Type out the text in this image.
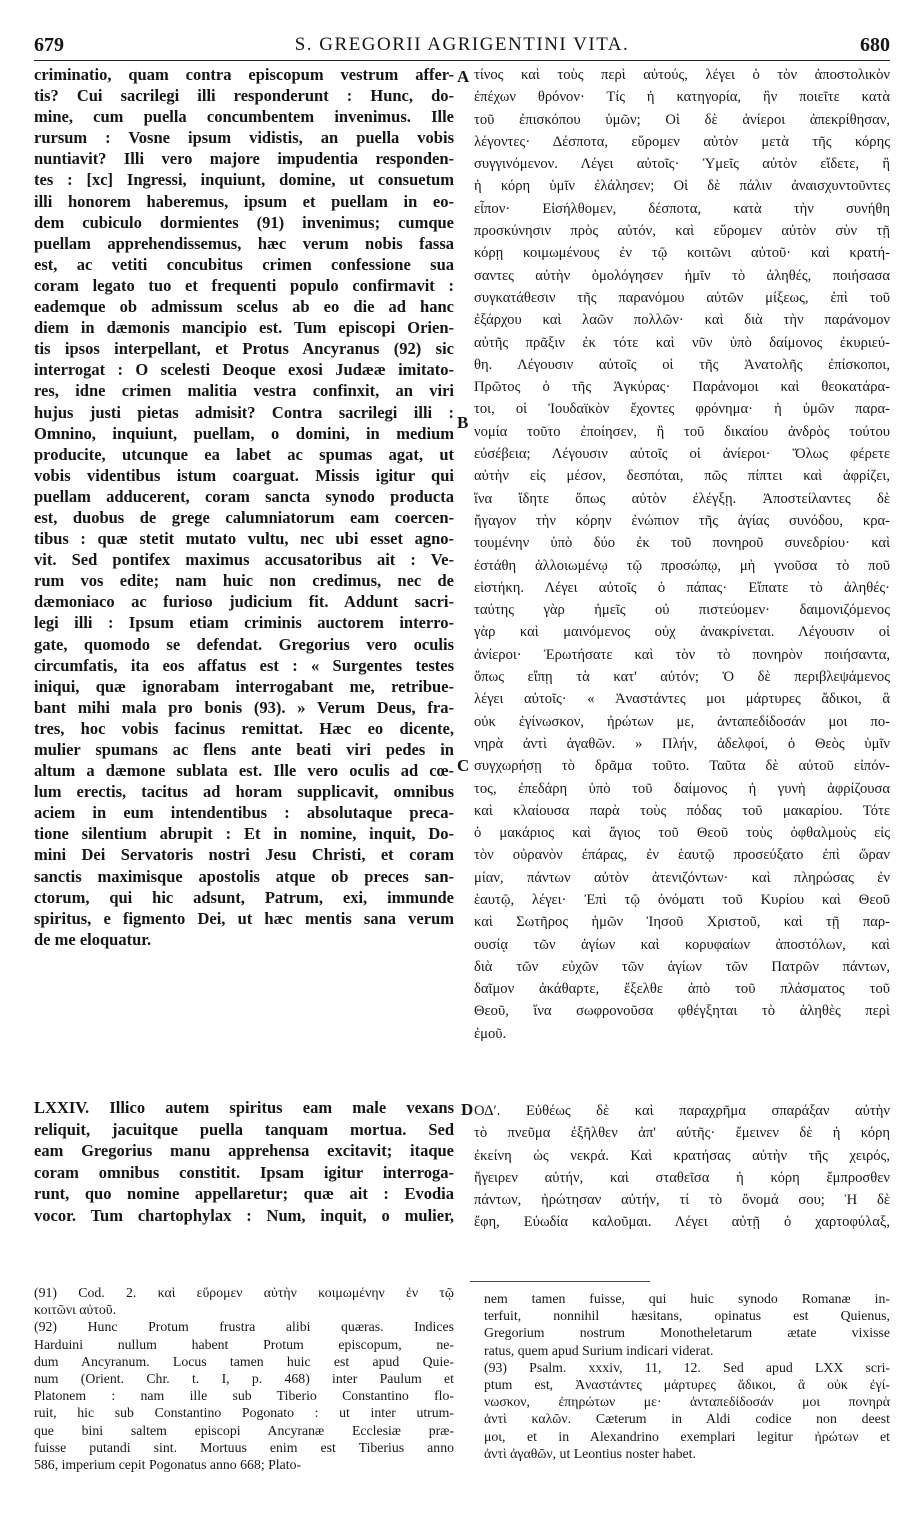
679	S. GREGORII AGRIGENTINI VITA.	680
criminatio, quam contra episcopum vestrum affer-
tis? Cui sacrilegi illi responderunt : Hunc, do-
mine, cum puella concumbentem invenimus. Ille
rursum : Vosne ipsum vidistis, an puella vobis
nuntiavit? Illi vero majore impudentia responden-
tes : [xc] Ingressi, inquiunt, domine, ut consuetum
illi honorem haberemus, ipsum et puellam in eo-
dem cubiculo dormientes (91) invenimus; cumque
puellam apprehendissemus, hæc verum nobis fassa
est, ac vetiti concubitus crimen confessione sua
coram legato tuo et frequenti populo confirmavit :
eademque ob admissum scelus ab eo die ad hanc
diem in dæmonis mancipio est. Tum episcopi Orien-
tis ipsos interpellant, et Protus Ancyranus (92) sic
interrogat : O scelesti Deoque exosi Judææ imitato-
res, idne crimen malitia vestra confinxit, an viri
hujus justi pietas admisit? Contra sacrilegi illi :
Omnino, inquiunt, puellam, o domini, in medium
producite, utcunque ea labet ac spumas agat, ut
vobis videntibus istum coarguat. Missis igitur qui
puellam adducerent, coram sancta synodo producta
est, duobus de grege calumniatorum eam coercen-
tibus : quæ stetit mutato vultu, nec ubi esset agno-
vit. Sed pontifex maximus accusatoribus ait : Ve-
rum vos edite; nam huic non credimus, nec de
dæmoniaco ac furioso judicium fit. Addunt sacri-
legi illi : Ipsum etiam criminis auctorem interro-
gate, quomodo se defendat. Gregorius vero oculis
circumfatis, ita eos affatus est : « Surgentes testes
iniqui, quæ ignorabam interrogabant me, retribue-
bant mihi mala pro bonis (93). » Verum Deus, fra-
tres, hoc vobis facinus remittat. Hæc eo dicente,
mulier spumans ac flens ante beati viri pedes in
altum a dæmone sublata est. Ille vero oculis ad cœ-
lum erectis, tacitus ad horam supplicavit, omnibus
aciem in eum intendentibus : absolutaque preca-
tione silentium abrupit : Et in nomine, inquit, Do-
mini Dei Servatoris nostri Jesu Christi, et coram
sanctis maximisque apostolis atque ob preces san-
ctorum, qui hic adsunt, Patrum, exi, immunde
spiritus, e figmento Dei, ut hæc mentis sana verum
de me eloquatur.
τίνος καὶ τοὺς περὶ αὐτούς, λέγει ὁ τὸν ἀποστολικὸν
ἐπέχων θρόνον· Τίς ἡ κατηγορία, ἣν ποιεῖτε κατὰ
τοῦ ἐπισκόπου ὑμῶν; Οἱ δὲ ἀνίεροι ἀπεκρίθησαν,
λέγοντες· Δέσποτα, εὕρομεν αὐτὸν μετὰ τῆς κόρης
συγγινόμενον. Λέγει αὐτοῖς· Ὑμεῖς αὐτὸν εἴδετε, ἢ
ἡ κόρη ὑμῖν ἐλάλησεν; Οἱ δὲ πάλιν ἀναισχυντοῦντες
εἶπον· Εἰσήλθομεν, δέσποτα, κατὰ τὴν συνήθη
προσκύνησιν πρὸς αὐτόν, καὶ εὕρομεν αὐτὸν σὺν τῇ
κόρῃ κοιμωμένους ἐν τῷ κοιτῶνι αὐτοῦ· καὶ κρατή-
σαντες αὐτὴν ὁμολόγησεν ἡμῖν τὸ ἀληθές, ποιήσασα
συγκατάθεσιν τῆς παρανόμου αὐτῶν μίξεως, ἐπὶ τοῦ
ἐξάρχου καὶ λαῶν πολλῶν· καὶ διὰ τὴν παράνομον
αὐτῆς πρᾶξιν ἐκ τότε καὶ νῦν ὑπὸ δαίμονος ἐκυριεύ-
θη. Λέγουσιν αὐτοῖς οἱ τῆς Ἀνατολῆς ἐπίσκοποι,
Πρῶτος ὁ τῆς Ἀγκύρας· Παράνομοι καὶ θεοκατάρα-
τοι, οἱ Ἰουδαϊκὸν ἔχοντες φρόνημα· ἡ ὑμῶν παρα-
νομία τοῦτο ἐποίησεν, ἢ τοῦ δικαίου ἀνδρὸς τούτου
εὐσέβεια; Λέγουσιν αὐτοῖς οἱ ἀνίεροι· Ὅλως φέρετε
αὐτὴν εἰς μέσον, δεσπόται, πῶς πίπτει καὶ ἀφρίζει,
ἵνα ἴδητε ὅπως αὐτὸν ἐλέγξῃ. Ἀποστείλαντες δὲ
ἤγαγον τὴν κόρην ἐνώπιον τῆς ἁγίας συνόδου, κρα-
τουμένην ὑπὸ δύο ἐκ τοῦ πονηροῦ συνεδρίου· καὶ
ἐστάθη ἀλλοιωμένῳ τῷ προσώπῳ, μὴ γνοῦσα τὸ ποῦ
εἱστήκη. Λέγει αὐτοῖς ὁ πάπας· Εἴπατε τὸ ἀληθές·
ταύτης γὰρ ἡμεῖς οὐ πιστεύομεν· δαιμονιζόμενος
γὰρ καὶ μαινόμενος οὐχ ἀνακρίνεται. Λέγουσιν οἱ
ἀνίεροι· Ἐρωτήσατε καὶ τὸν τὸ πονηρὸν ποιήσαντα,
ὅπως εἴπῃ τὰ κατ' αὐτόν; Ὁ δὲ περιβλεψάμενος
λέγει αὐτοῖς· « Ἀναστάντες μοι μάρτυρες ἄδικοι, ἃ
οὐκ ἐγίνωσκον, ἠρώτων με, ἀνταπεδίδοσάν μοι πο-
νηρὰ ἀντὶ ἀγαθῶν. » Πλήν, ἀδελφοί, ὁ Θεὸς ὑμῖν
συγχωρήσῃ τὸ δρᾶμα τοῦτο. Ταῦτα δὲ αὐτοῦ εἰπόν-
τος, ἐπεδάρη ὑπὸ τοῦ δαίμονος ἡ γυνὴ ἀφρίζουσα
καὶ κλαίουσα παρὰ τοὺς πόδας τοῦ μακαρίου. Τότε
ὁ μακάριος καὶ ἅγιος τοῦ Θεοῦ τοὺς ὀφθαλμοὺς εἰς
τὸν οὐρανὸν ἐπάρας, ἐν ἑαυτῷ προσεύξατο ἐπὶ ὥραν
μίαν, πάντων αὐτὸν ἀτενιζόντων· καὶ πληρώσας ἐν
ἑαυτῷ, λέγει· Ἐπὶ τῷ ὀνόματι τοῦ Κυρίου καὶ Θεοῦ
καὶ Σωτῆρος ἡμῶν Ἰησοῦ Χριστοῦ, καὶ τῇ παρ-
ουσίᾳ τῶν ἁγίων καὶ κορυφαίων ἀποστόλων, καὶ
διὰ τῶν εὐχῶν τῶν ἁγίων τῶν Πατρῶν πάντων,
δαῖμον ἀκάθαρτε, ἔξελθε ἀπὸ τοῦ πλάσματος τοῦ
Θεοῦ, ἵνα σωφρονοῦσα φθέγξηται τὸ ἀληθὲς περὶ
ἐμοῦ.
LXXIV. Illico autem spiritus eam male vexans
reliquit, jacuitque puella tanquam mortua. Sed
eam Gregorius manu apprehensa excitavit; itaque
coram omnibus constitit. Ipsam igitur interroga-
runt, quo nomine appellaretur; quæ ait : Evodia
vocor. Tum chartophylax : Num, inquit, o mulier,
ΟΔʹ. Εὐθέως δὲ καὶ παραχρῆμα σπαράξαν αὐτὴν
τὸ πνεῦμα ἐξῆλθεν ἀπ' αὐτῆς· ἔμεινεν δὲ ἡ κόρη
ἐκείνη ὡς νεκρά. Καὶ κρατήσας αὐτὴν τῆς χειρός,
ἤγειρεν αὐτήν, καὶ σταθεῖσα ἡ κόρη ἔμπροσθεν
πάντων, ἠρώτησαν αὐτήν, τί τὸ ὄνομά σου; Ἡ δὲ
ἔφη, Εὐωδία καλοῦμαι. Λέγει αὐτῇ ὁ χαρτοφύλαξ,
A
B
C
D
(91) Cod. 2. καὶ εὕρομεν αὐτὴν κοιμωμένην ἐν τῷ
κοιτῶνι αὐτοῦ.
(92) Hunc Protum frustra alibi quæras. Indices
Harduini nullum habent Protum episcopum, ne-
dum Ancyranum. Locus tamen huic est apud Quie-
num (Orient. Chr. t. I, p. 468) inter Paulum et
Platonem : nam ille sub Tiberio Constantino flo-
ruit, hic sub Constantino Pogonato : ut inter utrum-
que bini saltem episcopi Ancyranæ Ecclesiæ præ-
fuisse putandi sint. Mortuus enim est Tiberius anno
586, imperium cepit Pogonatus anno 668; Plato-
nem tamen fuisse, qui huic synodo Romanæ in-
terfuit, nonnihil hæsitans, opinatus est Quienus,
Gregorium nostrum Monotheletarum ætate vixisse
ratus, quem apud Surium indicari viderat.
(93) Psalm. xxxiv, 11, 12. Sed apud LXX scri-
ptum est, Ἀναστάντες μάρτυρες ἄδικοι, ἃ οὐκ ἐγί-
νωσκον, ἐπηρώτων με· ἀνταπεδίδοσάν μοι πονηρὰ
ἀντὶ καλῶν. Cæterum in Aldi codice non deest
μοι, et in Alexandrino exemplari legitur ἠρώτων et
ἀντὶ ἀγαθῶν, ut Leontius noster habet.
